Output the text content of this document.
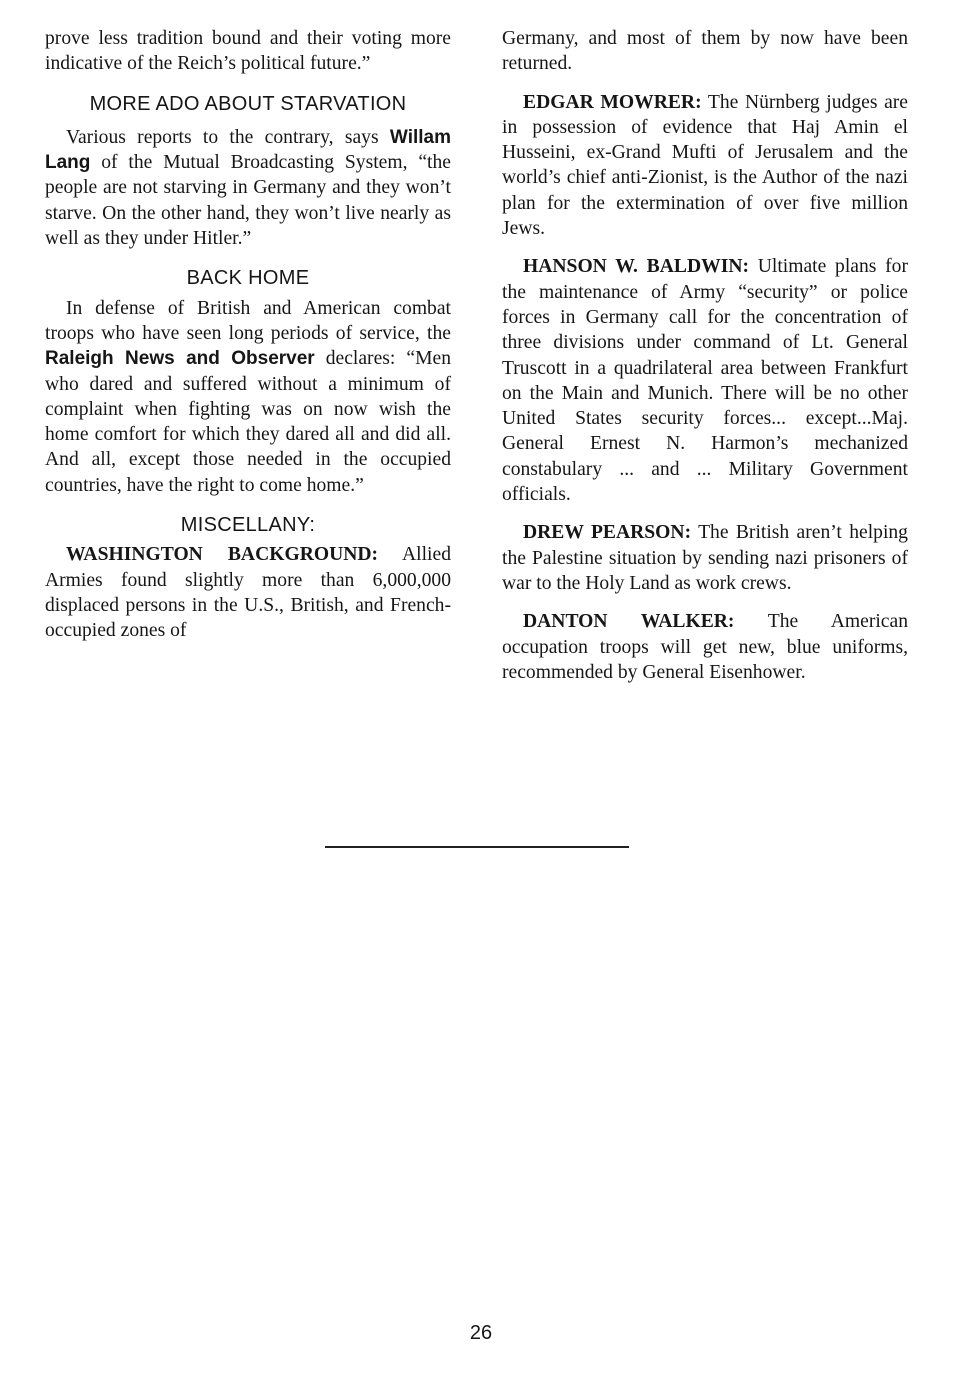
prove less tradition bound and their voting more indicative of the Reich’s political future.”

MORE ADO ABOUT STARVATION

Various reports to the contrary, says Willam Lang of the Mutual Broadcasting System, “the people are not starving in Germany and they won’t starve. On the other hand, they won’t live nearly as well as they under Hitler.”

BACK HOME

In defense of British and American combat troops who have seen long periods of service, the Raleigh News and Observer declares: “Men who dared and suffered without a minimum of complaint when fighting was on now wish the home comfort for which they dared all and did all. And all, except those needed in the occupied countries, have the right to come home.”

MISCELLANY:

WASHINGTON BACKGROUND: Allied Armies found slightly more than 6,000,000 displaced persons in the U.S., British, and French-occupied zones of

Germany, and most of them by now have been returned.

EDGAR MOWRER: The Nürnberg judges are in possession of evidence that Haj Amin el Husseini, ex-Grand Mufti of Jerusalem and the world’s chief anti-Zionist, is the Author of the nazi plan for the extermination of over five million Jews.

HANSON W. BALDWIN: Ultimate plans for the maintenance of Army “security” or police forces in Germany call for the concentration of three divisions under command of Lt. General Truscott in a quadrilateral area between Frankfurt on the Main and Munich. There will be no other United States security forces... except...Maj. General Ernest N. Harmon’s mechanized constabulary ... and ... Military Government officials.

DREW PEARSON: The British aren’t helping the Palestine situation by sending nazi prisoners of war to the Holy Land as work crews.

DANTON WALKER: The American occupation troops will get new, blue uniforms, recommended by General Eisenhower.

26
